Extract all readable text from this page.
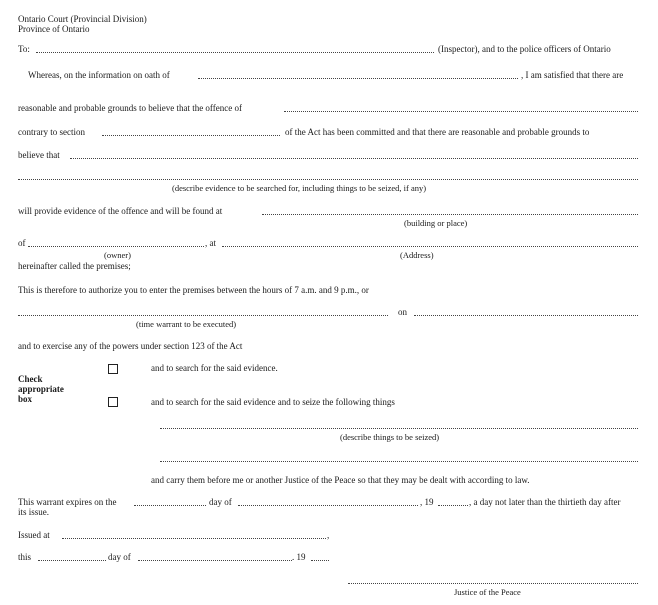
Ontario Court (Provincial Division)
Province of Ontario
To:	(Inspector), and to the police officers of Ontario
Whereas, on the information on oath of	, I am satisfied that there are
reasonable and probable grounds to believe that the offence of
contrary to section	of the Act has been committed and that there are reasonable and probable grounds to
believe that
(describe evidence to be searched for, including things to be seized, if any)
will provide evidence of the offence and will be found at
(building or place)
of	, at
(owner)	(Address)
hereinafter called the premises;
This is therefore to authorize you to enter the premises between the hours of 7 a.m. and 9 p.m., or
on
(time warrant to be executed)
and to exercise any of the powers under section 123 of the Act
Check
appropriate
box
and to search for the said evidence.
and to search for the said evidence and to seize the following things
(describe things to be seized)
and carry them before me or another Justice of the Peace so that they may be dealt with according to law.
This warrant expires on the	day of	, 19	, a day not later than the thirtieth day after
its issue.
Issued at	,
this	day of	. 19
Justice of the Peace
